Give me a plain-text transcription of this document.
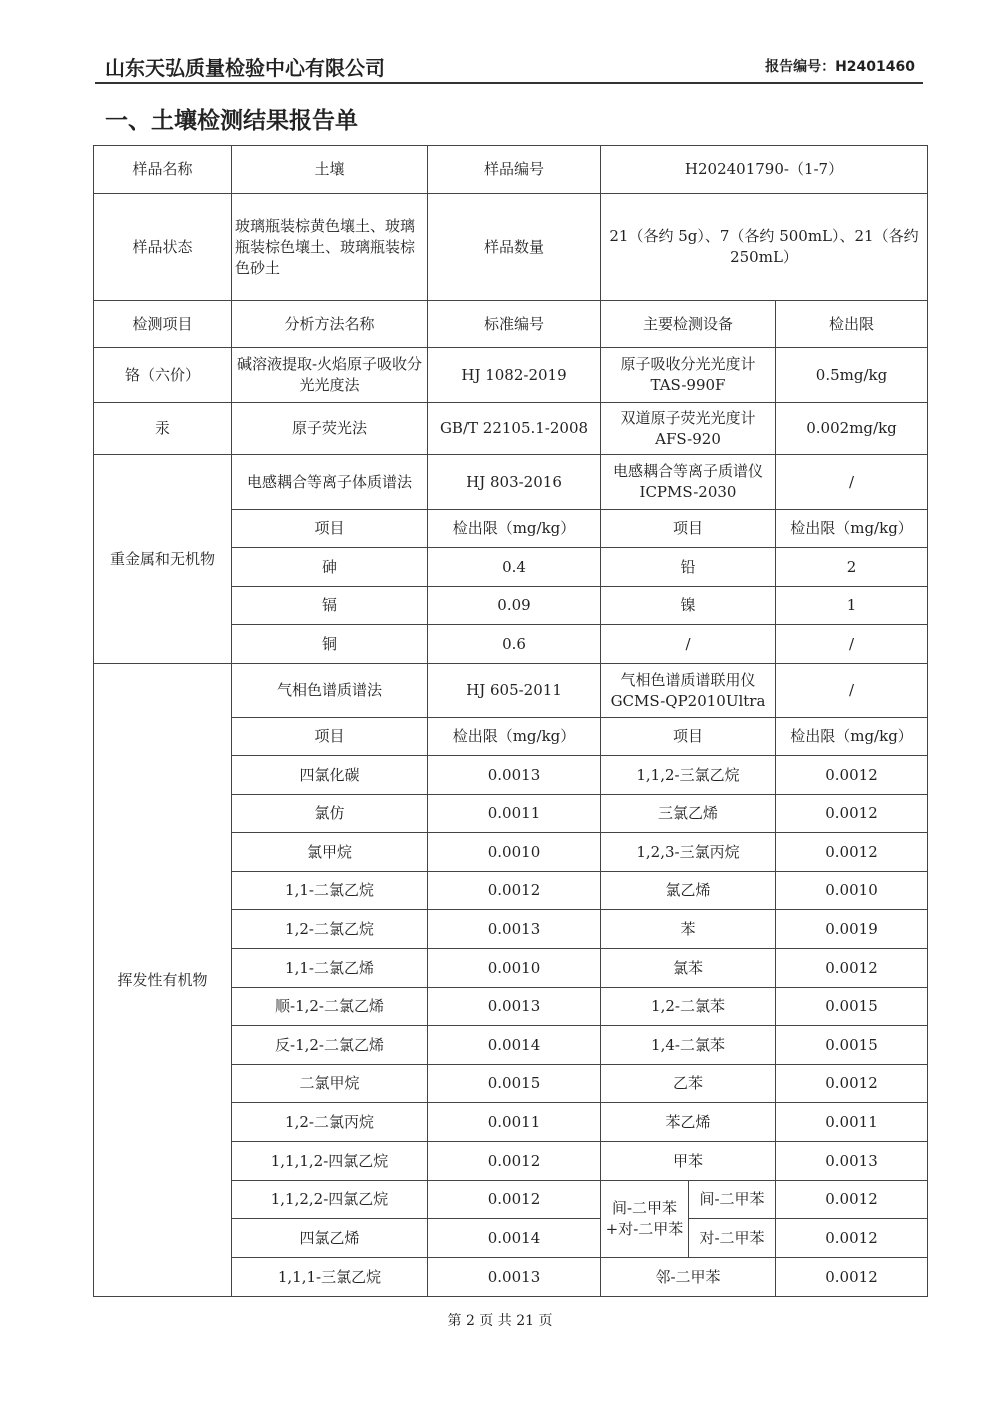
山东天弘质量检验中心有限公司	报告编号：H2401460
一、土壤检测结果报告单
样品名称	土壤	样品编号	H202401790-（1-7）		
样品状态	玻璃瓶装棕黄色壤土、玻璃瓶装棕色壤土、玻璃瓶装棕色砂土	样品数量	21（各约 5g）、7（各约 500mL）、21（各约 250mL）		
检测项目	分析方法名称	标准编号	主要检测设备		检出限
铬（六价）	碱溶液提取-火焰原子吸收分光光度法	HJ 1082-2019	原子吸收分光光度计 TAS-990F		0.5mg/kg
汞	原子荧光法	GB/T 22105.1-2008	双道原子荧光光度计 AFS-920		0.002mg/kg
重金属和无机物	电感耦合等离子体质谱法	HJ 803-2016	电感耦合等离子质谱仪 ICPMS-2030		/
	项目	检出限（mg/kg）	项目		检出限（mg/kg）
	砷	0.4	铅		2
	镉	0.09	镍		1
	铜	0.6	/		/
挥发性有机物	气相色谱质谱法	HJ 605-2011	气相色谱质谱联用仪 GCMS-QP2010Ultra		/
	项目	检出限（mg/kg）	项目		检出限（mg/kg）
	四氯化碳	0.0013	1,1,2-三氯乙烷		0.0012
	氯仿	0.0011	三氯乙烯		0.0012
	氯甲烷	0.0010	1,2,3-三氯丙烷		0.0012
	1,1-二氯乙烷	0.0012	氯乙烯		0.0010
	1,2-二氯乙烷	0.0013	苯		0.0019
	1,1-二氯乙烯	0.0010	氯苯		0.0012
	顺-1,2-二氯乙烯	0.0013	1,2-二氯苯		0.0015
	反-1,2-二氯乙烯	0.0014	1,4-二氯苯		0.0015
	二氯甲烷	0.0015	乙苯		0.0012
	1,2-二氯丙烷	0.0011	苯乙烯		0.0011
	1,1,1,2-四氯乙烷	0.0012	甲苯		0.0013
	1,1,2,2-四氯乙烷	0.0012	间-二甲苯+对-二甲苯	间-二甲苯	0.0012
	四氯乙烯	0.0014		对-二甲苯	0.0012
	1,1,1-三氯乙烷	0.0013	邻-二甲苯		0.0012
第 2 页 共 21 页
